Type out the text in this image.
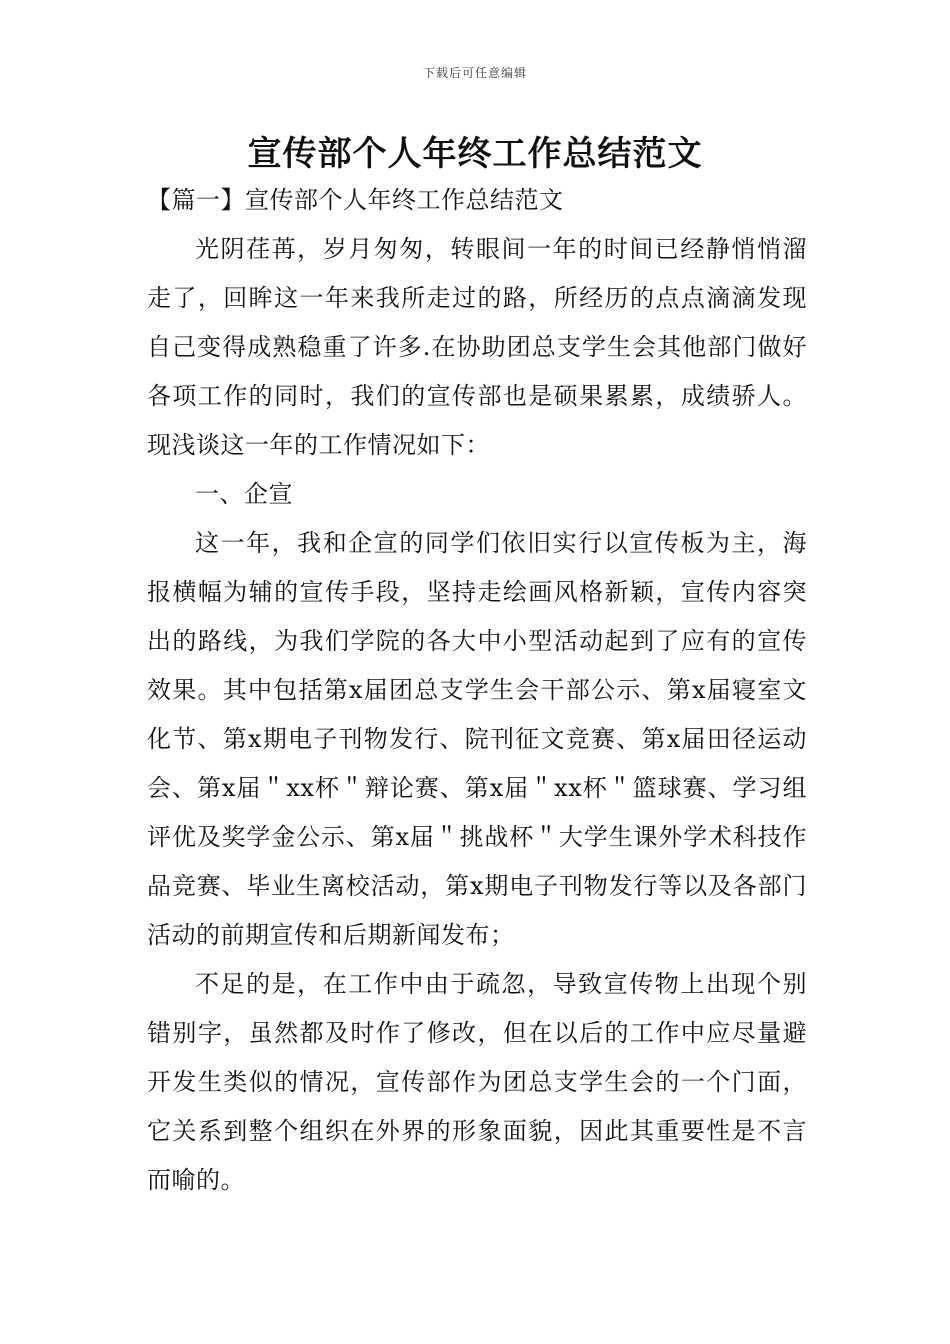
下载后可任意编辑
宣传部个人年终工作总结范文

【篇一】宣传部个人年终工作总结范文

光阴荏苒，岁月匆匆，转眼间一年的时间已经静悄悄溜走了，回眸这一年来我所走过的路，所经历的点点滴滴发现自己变得成熟稳重了许多.在协助团总支学生会其他部门做好各项工作的同时，我们的宣传部也是硕果累累，成绩骄人。现浅谈这一年的工作情况如下：

一、企宣

这一年，我和企宣的同学们依旧实行以宣传板为主，海报横幅为辅的宣传手段，坚持走绘画风格新颖，宣传内容突出的路线，为我们学院的各大中小型活动起到了应有的宣传效果。其中包括第x届团总支学生会干部公示、第x届寝室文化节、第x期电子刊物发行、院刊征文竞赛、第x届田径运动会、第x届＂xx杯＂辩论赛、第x届＂xx杯＂篮球赛、学习组评优及奖学金公示、第x届＂挑战杯＂大学生课外学术科技作品竞赛、毕业生离校活动，第x期电子刊物发行等以及各部门活动的前期宣传和后期新闻发布；

不足的是，在工作中由于疏忽，导致宣传物上出现个别错别字，虽然都及时作了修改，但在以后的工作中应尽量避开发生类似的情况，宣传部作为团总支学生会的一个门面，它关系到整个组织在外界的形象面貌，因此其重要性是不言而喻的。
